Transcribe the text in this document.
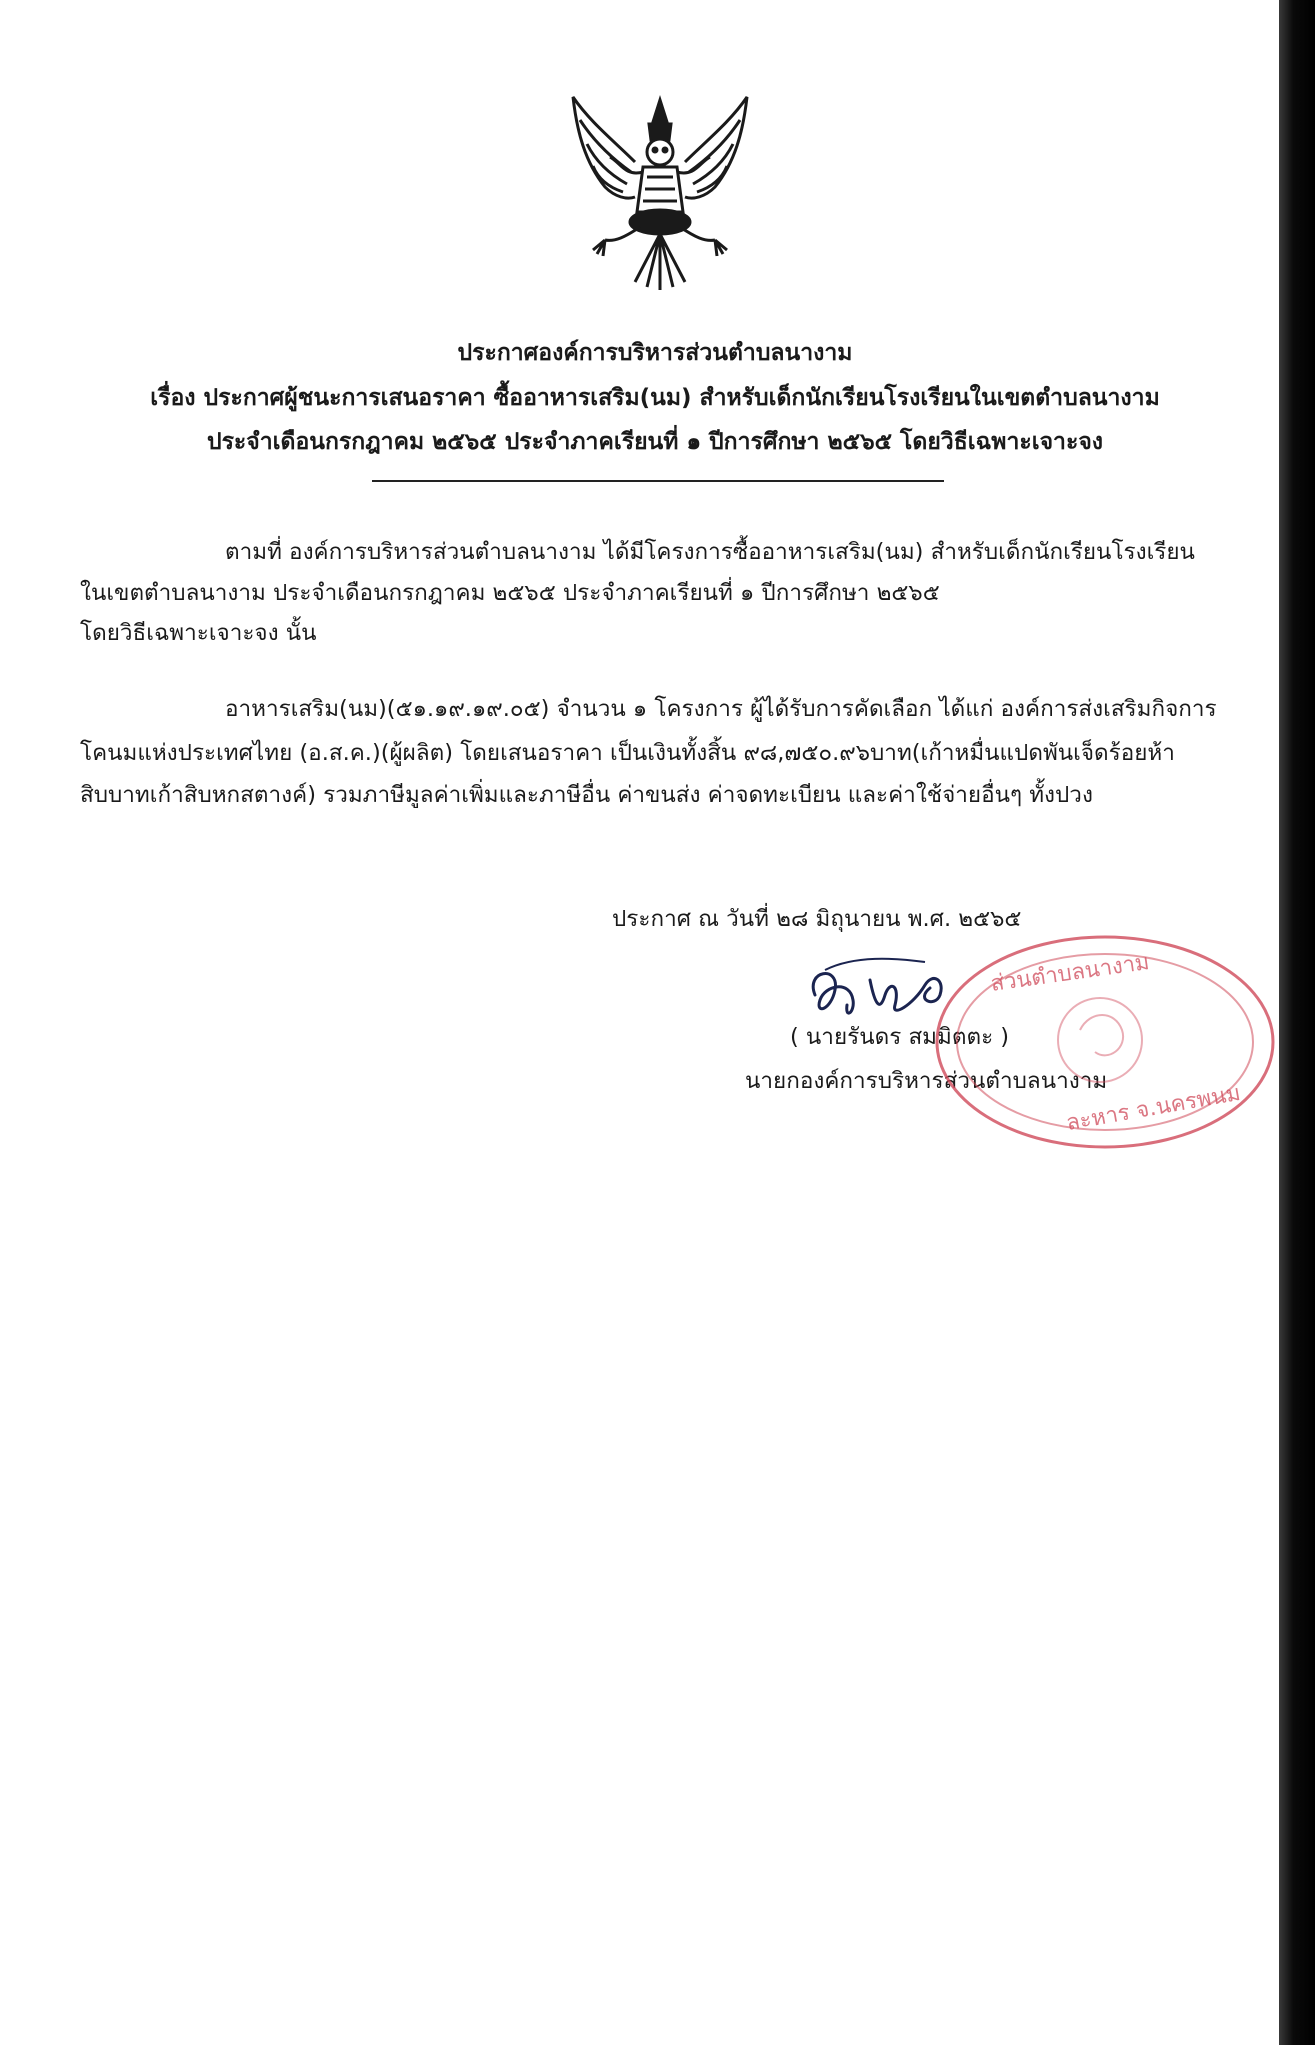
ประกาศองค์การบริหารส่วนตำบลนางาม
เรื่อง ประกาศผู้ชนะการเสนอราคา ซื้ออาหารเสริม(นม) สำหรับเด็กนักเรียนโรงเรียนในเขตตำบลนางาม
ประจำเดือนกรกฎาคม ๒๕๖๕ ประจำภาคเรียนที่ ๑ ปีการศึกษา ๒๕๖๕ โดยวิธีเฉพาะเจาะจง
ตามที่ องค์การบริหารส่วนตำบลนางาม ได้มีโครงการซื้ออาหารเสริม(นม) สำหรับเด็กนักเรียนโรงเรียน
ในเขตตำบลนางาม ประจำเดือนกรกฎาคม ๒๕๖๕ ประจำภาคเรียนที่ ๑ ปีการศึกษา ๒๕๖๕
โดยวิธีเฉพาะเจาะจง นั้น
อาหารเสริม(นม)(๕๑.๑๙.๑๙.๐๕) จำนวน ๑ โครงการ ผู้ได้รับการคัดเลือก ได้แก่ องค์การส่งเสริมกิจการ
โคนมแห่งประเทศไทย (อ.ส.ค.)(ผู้ผลิต) โดยเสนอราคา เป็นเงินทั้งสิ้น ๙๘,๗๕๐.๙๖บาท(เก้าหมื่นแปดพันเจ็ดร้อยห้า
สิบบาทเก้าสิบหกสตางค์) รวมภาษีมูลค่าเพิ่มและภาษีอื่น ค่าขนส่ง ค่าจดทะเบียน และค่าใช้จ่ายอื่นๆ ทั้งปวง
ประกาศ ณ วันที่ ๒๘ มิถุนายน พ.ศ. ๒๕๖๕
( นายรันดร สมมิตตะ )
นายกองค์การบริหารส่วนตำบลนางาม
ส่วนตำบลนางาม
ละหาร จ.นครพนม
